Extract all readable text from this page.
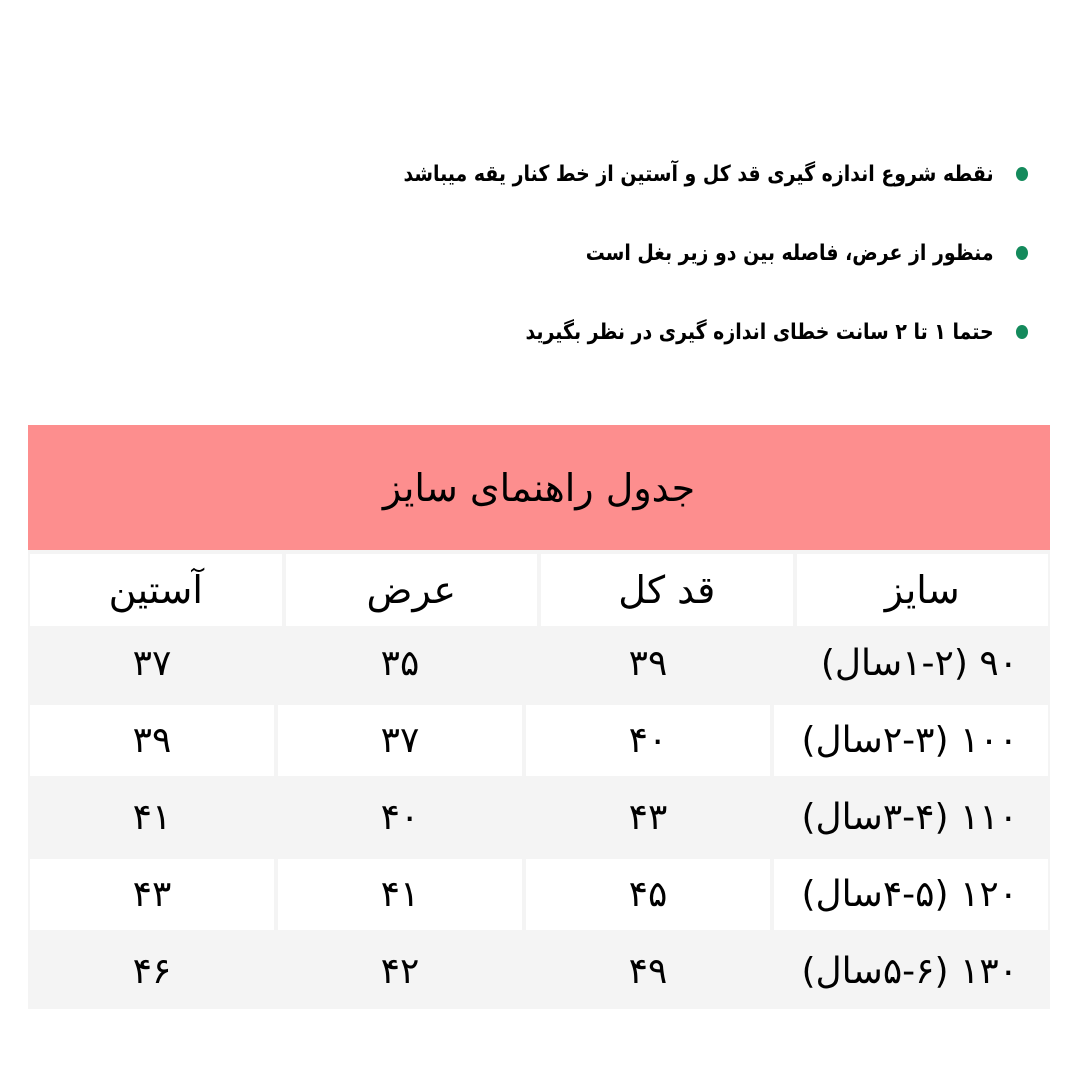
نقطه شروع اندازه گیری قد کل و آستین از خط کنار یقه میباشد
منظور از عرض، فاصله بین دو زیر بغل است
حتما ۱ تا ۲ سانت خطای اندازه گیری در نظر بگیرید
جدول راهنمای سایز
سایز
قد کل
عرض
آستین
۹۰ (۱-۲سال)
۳۹
۳۵
۳۷
۱۰۰ (۲-۳سال)
۴۰
۳۷
۳۹
۱۱۰ (۳-۴سال)
۴۳
۴۰
۴۱
۱۲۰ (۴-۵سال)
۴۵
۴۱
۴۳
۱۳۰ (۵-۶سال)
۴۹
۴۲
۴۶
